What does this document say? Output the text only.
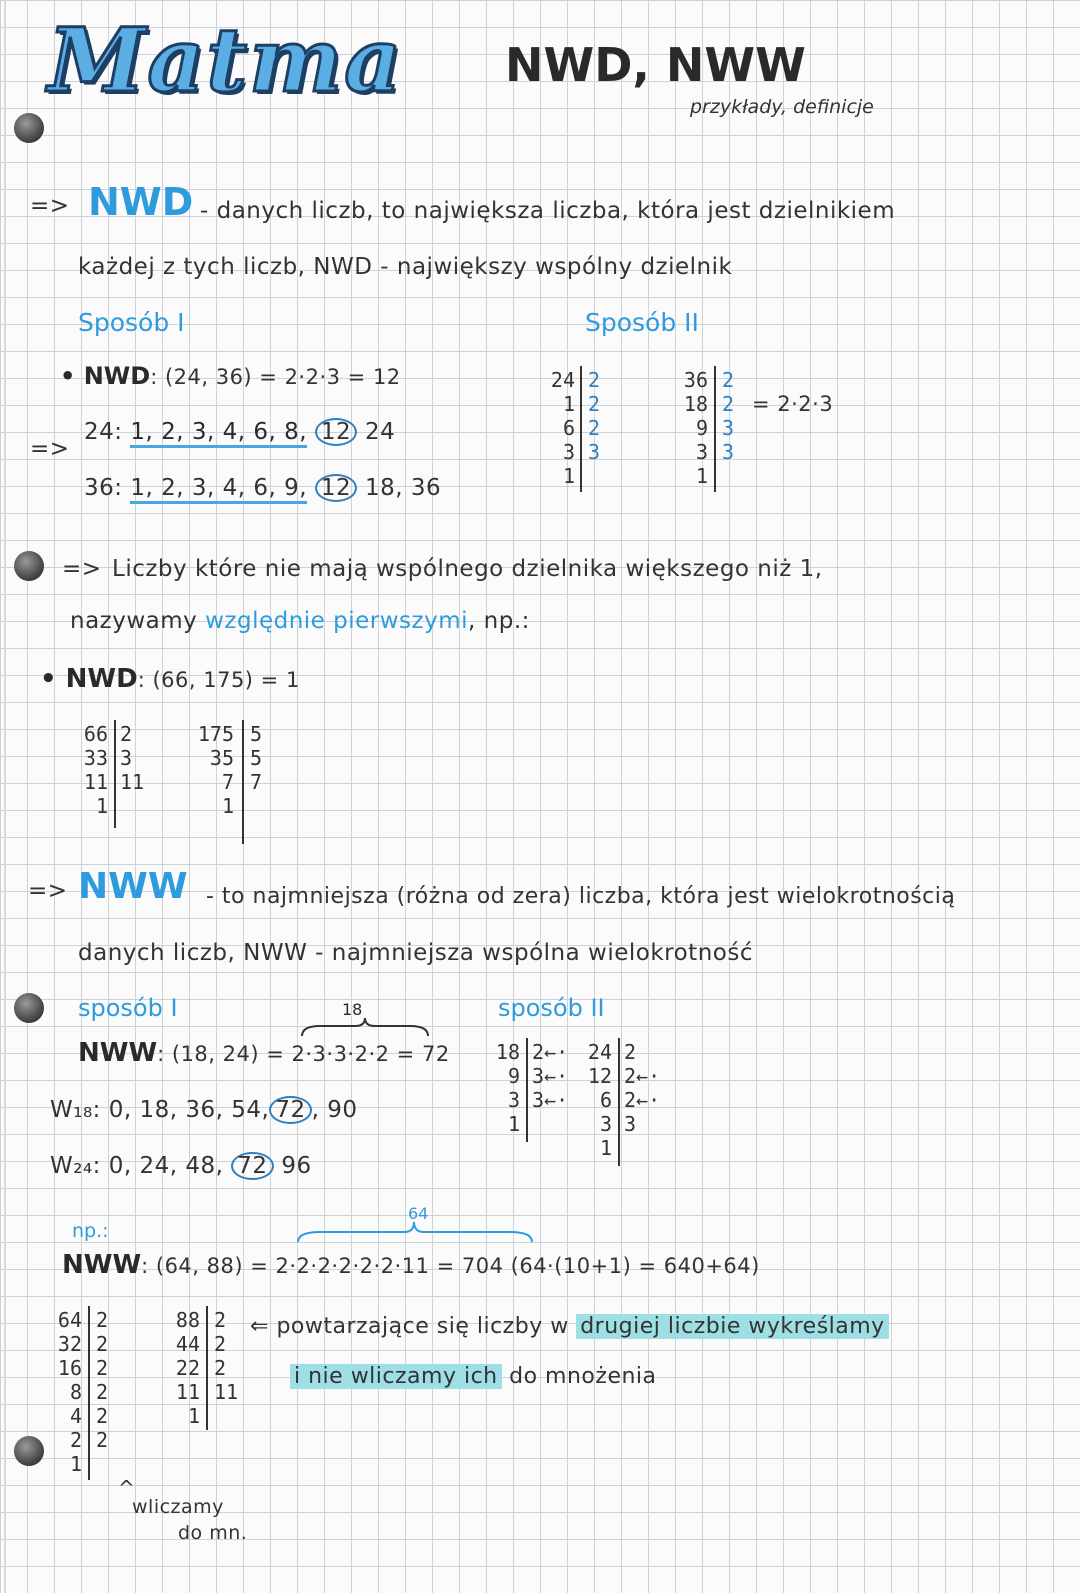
Matma NWD, NWW
przykłady, definicje
=> NWD - danych liczb, to największa liczba, która jest dzielnikiem
każdej z tych liczb, NWD - największy wspólny dzielnik
Sposób I	Sposób II
• NWD: (24, 36) = 2·2·3 = 12
=>
24: 1, 2, 3, 4, 6, 8, 12 24
36: 1, 2, 3, 4, 6, 9, 12 18, 36
24
1
6
3
1
2
2
2
3
36
18
9
3
1
2
2
3
3
= 2·2·3
=> Liczby które nie mają wspólnego dzielnika większego niż 1,
nazywamy względnie pierwszymi, np.:
• NWD: (66, 175) = 1
66
33
11
1
2
3
11
175
35
7
1
5
5
7
=> NWW - to najmniejsza (różna od zera) liczba, która jest wielokrotnością
danych liczb, NWW - najmniejsza wspólna wielokrotność
sposób I	sposób II
18
NWW: (18, 24) = 2·3·3·2·2 = 72
W₁₈: 0, 18, 36, 54, 72 , 90
W₂₄: 0, 24, 48, 72 96
18
9
3
1
2←·
3←·
3←·
24
12
6
3
1
2
2←·
2←·
3
np.:
64
NWW: (64, 88) = 2·2·2·2·2·2·11 = 704 (64·(10+1) = 640+64)
64
32
16
8
4
2
1
2
2
2
2
2
2
88
44
22
11
1
2
2
2
11
⇐ powtarzające się liczby w drugiej liczbie wykreślamy
i nie wliczamy ich do mnożenia
^
wliczamy
do mn.
